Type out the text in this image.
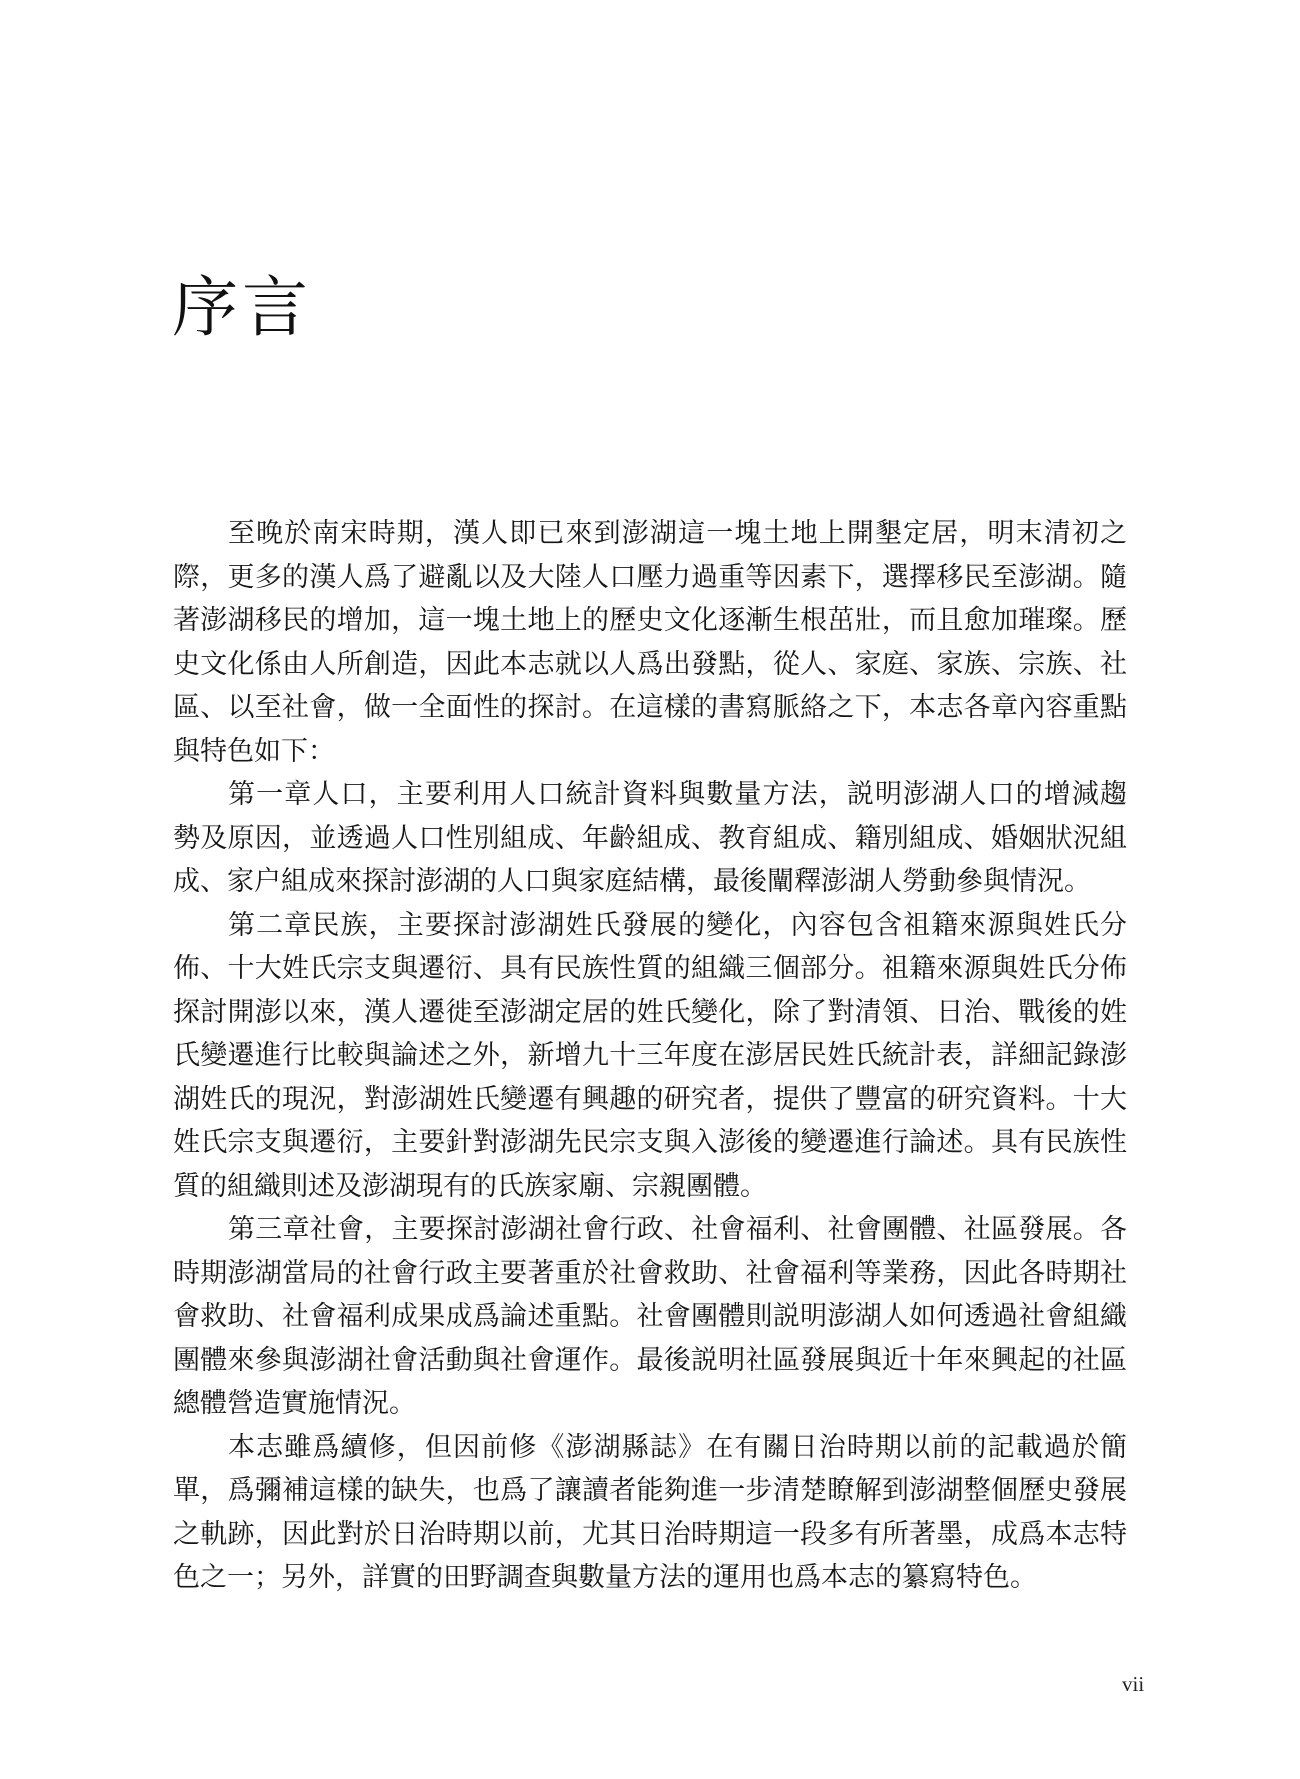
序言
至晚於南宋時期，漢人即已來到澎湖這一塊土地上開墾定居，明末清初之
際，更多的漢人爲了避亂以及大陸人口壓力過重等因素下，選擇移民至澎湖。隨
著澎湖移民的增加，這一塊土地上的歷史文化逐漸生根茁壯，而且愈加璀璨。歷
史文化係由人所創造，因此本志就以人爲出發點，從人、家庭、家族、宗族、社
區、以至社會，做一全面性的探討。在這樣的書寫脈絡之下，本志各章內容重點
與特色如下：
第一章人口，主要利用人口統計資料與數量方法，説明澎湖人口的增減趨
勢及原因，並透過人口性別組成、年齡組成、教育組成、籍別組成、婚姻狀況組
成、家户組成來探討澎湖的人口與家庭結構，最後闡釋澎湖人勞動參與情況。
第二章民族，主要探討澎湖姓氏發展的變化，內容包含祖籍來源與姓氏分
佈、十大姓氏宗支與遷衍、具有民族性質的組織三個部分。祖籍來源與姓氏分佈
探討開澎以來，漢人遷徙至澎湖定居的姓氏變化，除了對清領、日治、戰後的姓
氏變遷進行比較與論述之外，新增九十三年度在澎居民姓氏統計表，詳細記錄澎
湖姓氏的現況，對澎湖姓氏變遷有興趣的研究者，提供了豐富的研究資料。十大
姓氏宗支與遷衍，主要針對澎湖先民宗支與入澎後的變遷進行論述。具有民族性
質的組織則述及澎湖現有的氏族家廟、宗親團體。
第三章社會，主要探討澎湖社會行政、社會福利、社會團體、社區發展。各
時期澎湖當局的社會行政主要著重於社會救助、社會福利等業務，因此各時期社
會救助、社會福利成果成爲論述重點。社會團體則説明澎湖人如何透過社會組織
團體來參與澎湖社會活動與社會運作。最後説明社區發展與近十年來興起的社區
總體營造實施情況。
本志雖爲續修，但因前修《澎湖縣誌》在有關日治時期以前的記載過於簡
單，爲彌補這樣的缺失，也爲了讓讀者能夠進一步清楚瞭解到澎湖整個歷史發展
之軌跡，因此對於日治時期以前，尤其日治時期這一段多有所著墨，成爲本志特
色之一；另外，詳實的田野調查與數量方法的運用也爲本志的纂寫特色。
vii
